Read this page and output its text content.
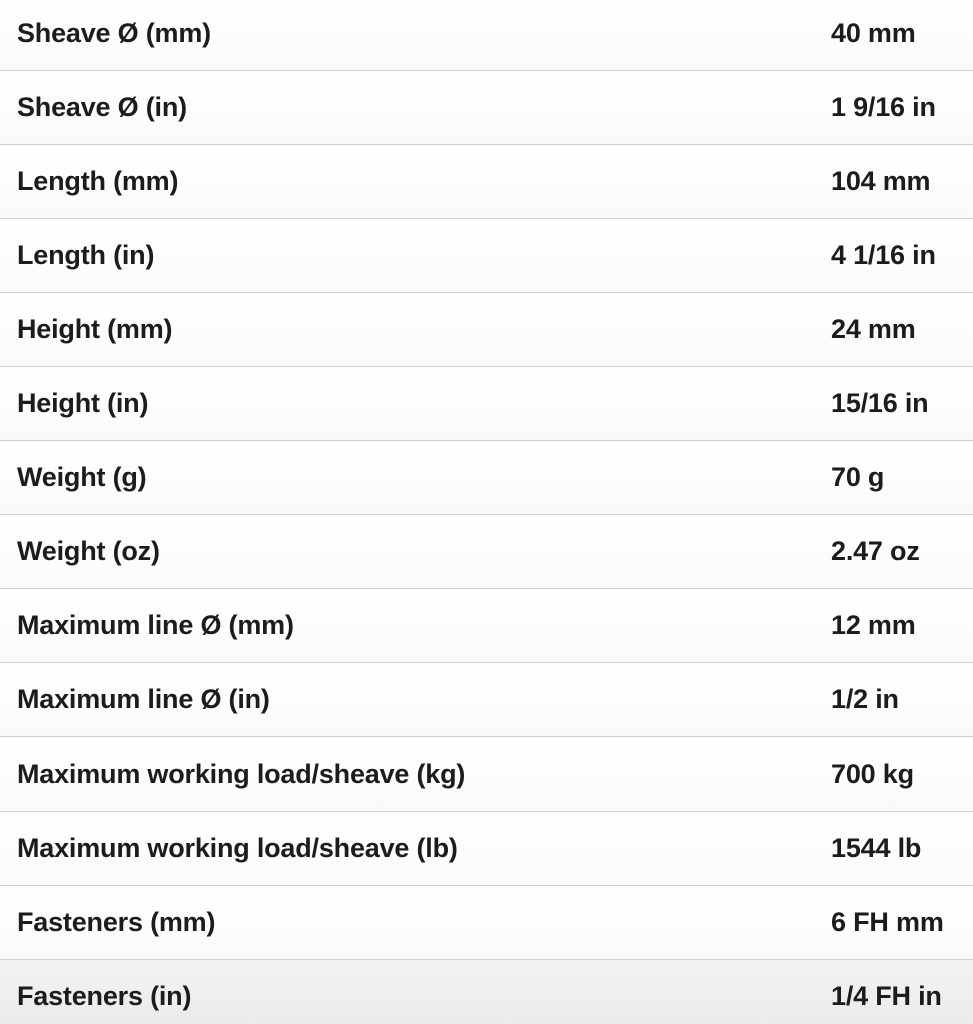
Sheave Ø (mm)	40 mm
Sheave Ø (in)	1 9/16 in
Length (mm)	104 mm
Length (in)	4 1/16 in
Height (mm)	24 mm
Height (in)	15/16 in
Weight (g)	70 g
Weight (oz)	2.47 oz
Maximum line Ø (mm)	12 mm
Maximum line Ø (in)	1/2 in
Maximum working load/sheave (kg)	700 kg
Maximum working load/sheave (lb)	1544 lb
Fasteners (mm)	6 FH mm
Fasteners (in)	1/4 FH in
